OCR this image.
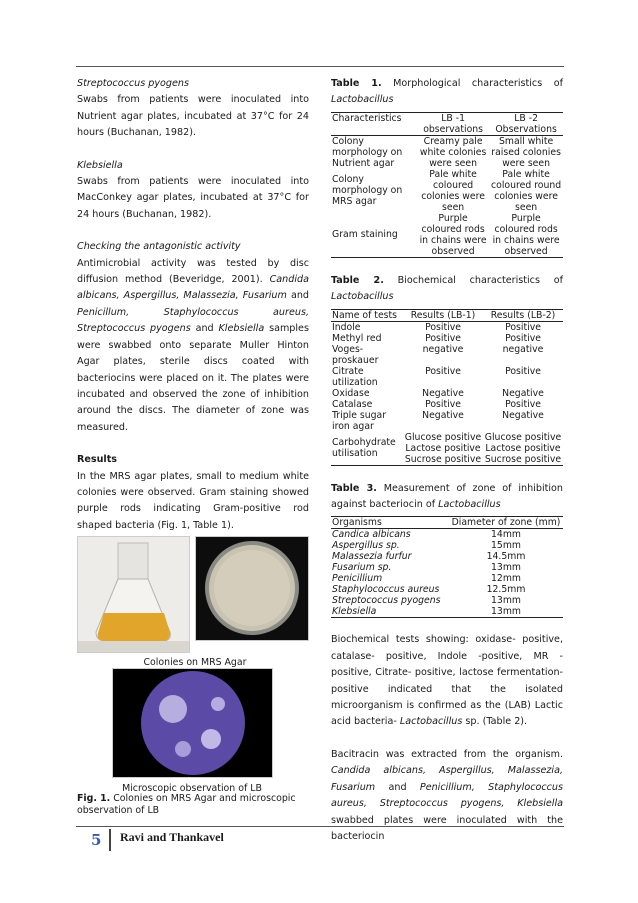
Streptococcus pyogens

Swabs from patients were inoculated into Nutrient agar plates, incubated at 37°C for 24 hours (Buchanan, 1982).

Klebsiella

Swabs from patients were inoculated into MacConkey agar plates, incubated at 37°C for 24 hours (Buchanan, 1982).

Checking the antagonistic activity

Antimicrobial activity was tested by disc diffusion method (Beveridge, 2001). Candida albicans, Aspergillus, Malassezia, Fusarium and Penicillum, Staphylococcus aureus, Streptococcus pyogens and Klebsiella samples were swabbed onto separate Muller Hinton Agar plates, sterile discs coated with bacteriocins were placed on it. The plates were incubated and observed the zone of inhibition around the discs. The diameter of zone was measured.

Results

In the MRS agar plates, small to medium white colonies were observed. Gram staining showed purple rods indicating Gram-positive rod shaped bacteria (Fig. 1, Table 1).

Colonies on MRS Agar
Microscopic observation of LB
Fig. 1. Colonies on MRS Agar and microscopic observation of LB

Table 1. Morphological characteristics of

Lactobacillus

Characteristics	LB -1 observations	LB -2 Observations
Colony morphology on Nutrient agar	Creamy pale white colonies were seen	Small white raised colonies were seen
Colony morphology on MRS agar	Pale white coloured colonies were seen	Pale white coloured round colonies were seen
Gram staining	Purple coloured rods in chains were observed	Purple coloured rods in chains were observed

Table 2. Biochemical characteristics of

Lactobacillus

Name of tests	Results (LB-1)	Results (LB-2)
Indole	Positive	Positive
Methyl red	Positive	Positive
Voges-proskauer	negative	negative
Citrate utilization	Positive	Positive
Oxidase	Negative	Negative
Catalase	Positive	Positive
Triple sugar iron agar	Negative	Negative
Carbohydrate utilisation	Glucose positive Lactose positive Sucrose positive	Glucose positive Lactose positive Sucrose positive

Table 3. Measurement of zone of inhibition against bacteriocin of Lactobacillus

Organisms	Diameter of zone (mm)
Candica albicans	14mm
Aspergillus sp.	15mm
Malassezia furfur	14.5mm
Fusarium sp.	13mm
Penicillium	12mm
Staphylococcus aureus	12.5mm
Streptococcus pyogens	13mm
Klebsiella	13mm

Biochemical tests showing: oxidase- positive, catalase- positive, Indole -positive, MR -positive, Citrate- positive, lactose fermentation- positive indicated that the isolated microorganism is confirmed as the (LAB) Lactic acid bacteria- Lactobacillus sp. (Table 2).

Bacitracin was extracted from the organism. Candida albicans, Aspergillus, Malassezia, Fusarium and Penicillium, Staphylococcus aureus, Streptococcus pyogens, Klebsiella swabbed plates were inoculated with the bacteriocin

5 Ravi and Thankavel
